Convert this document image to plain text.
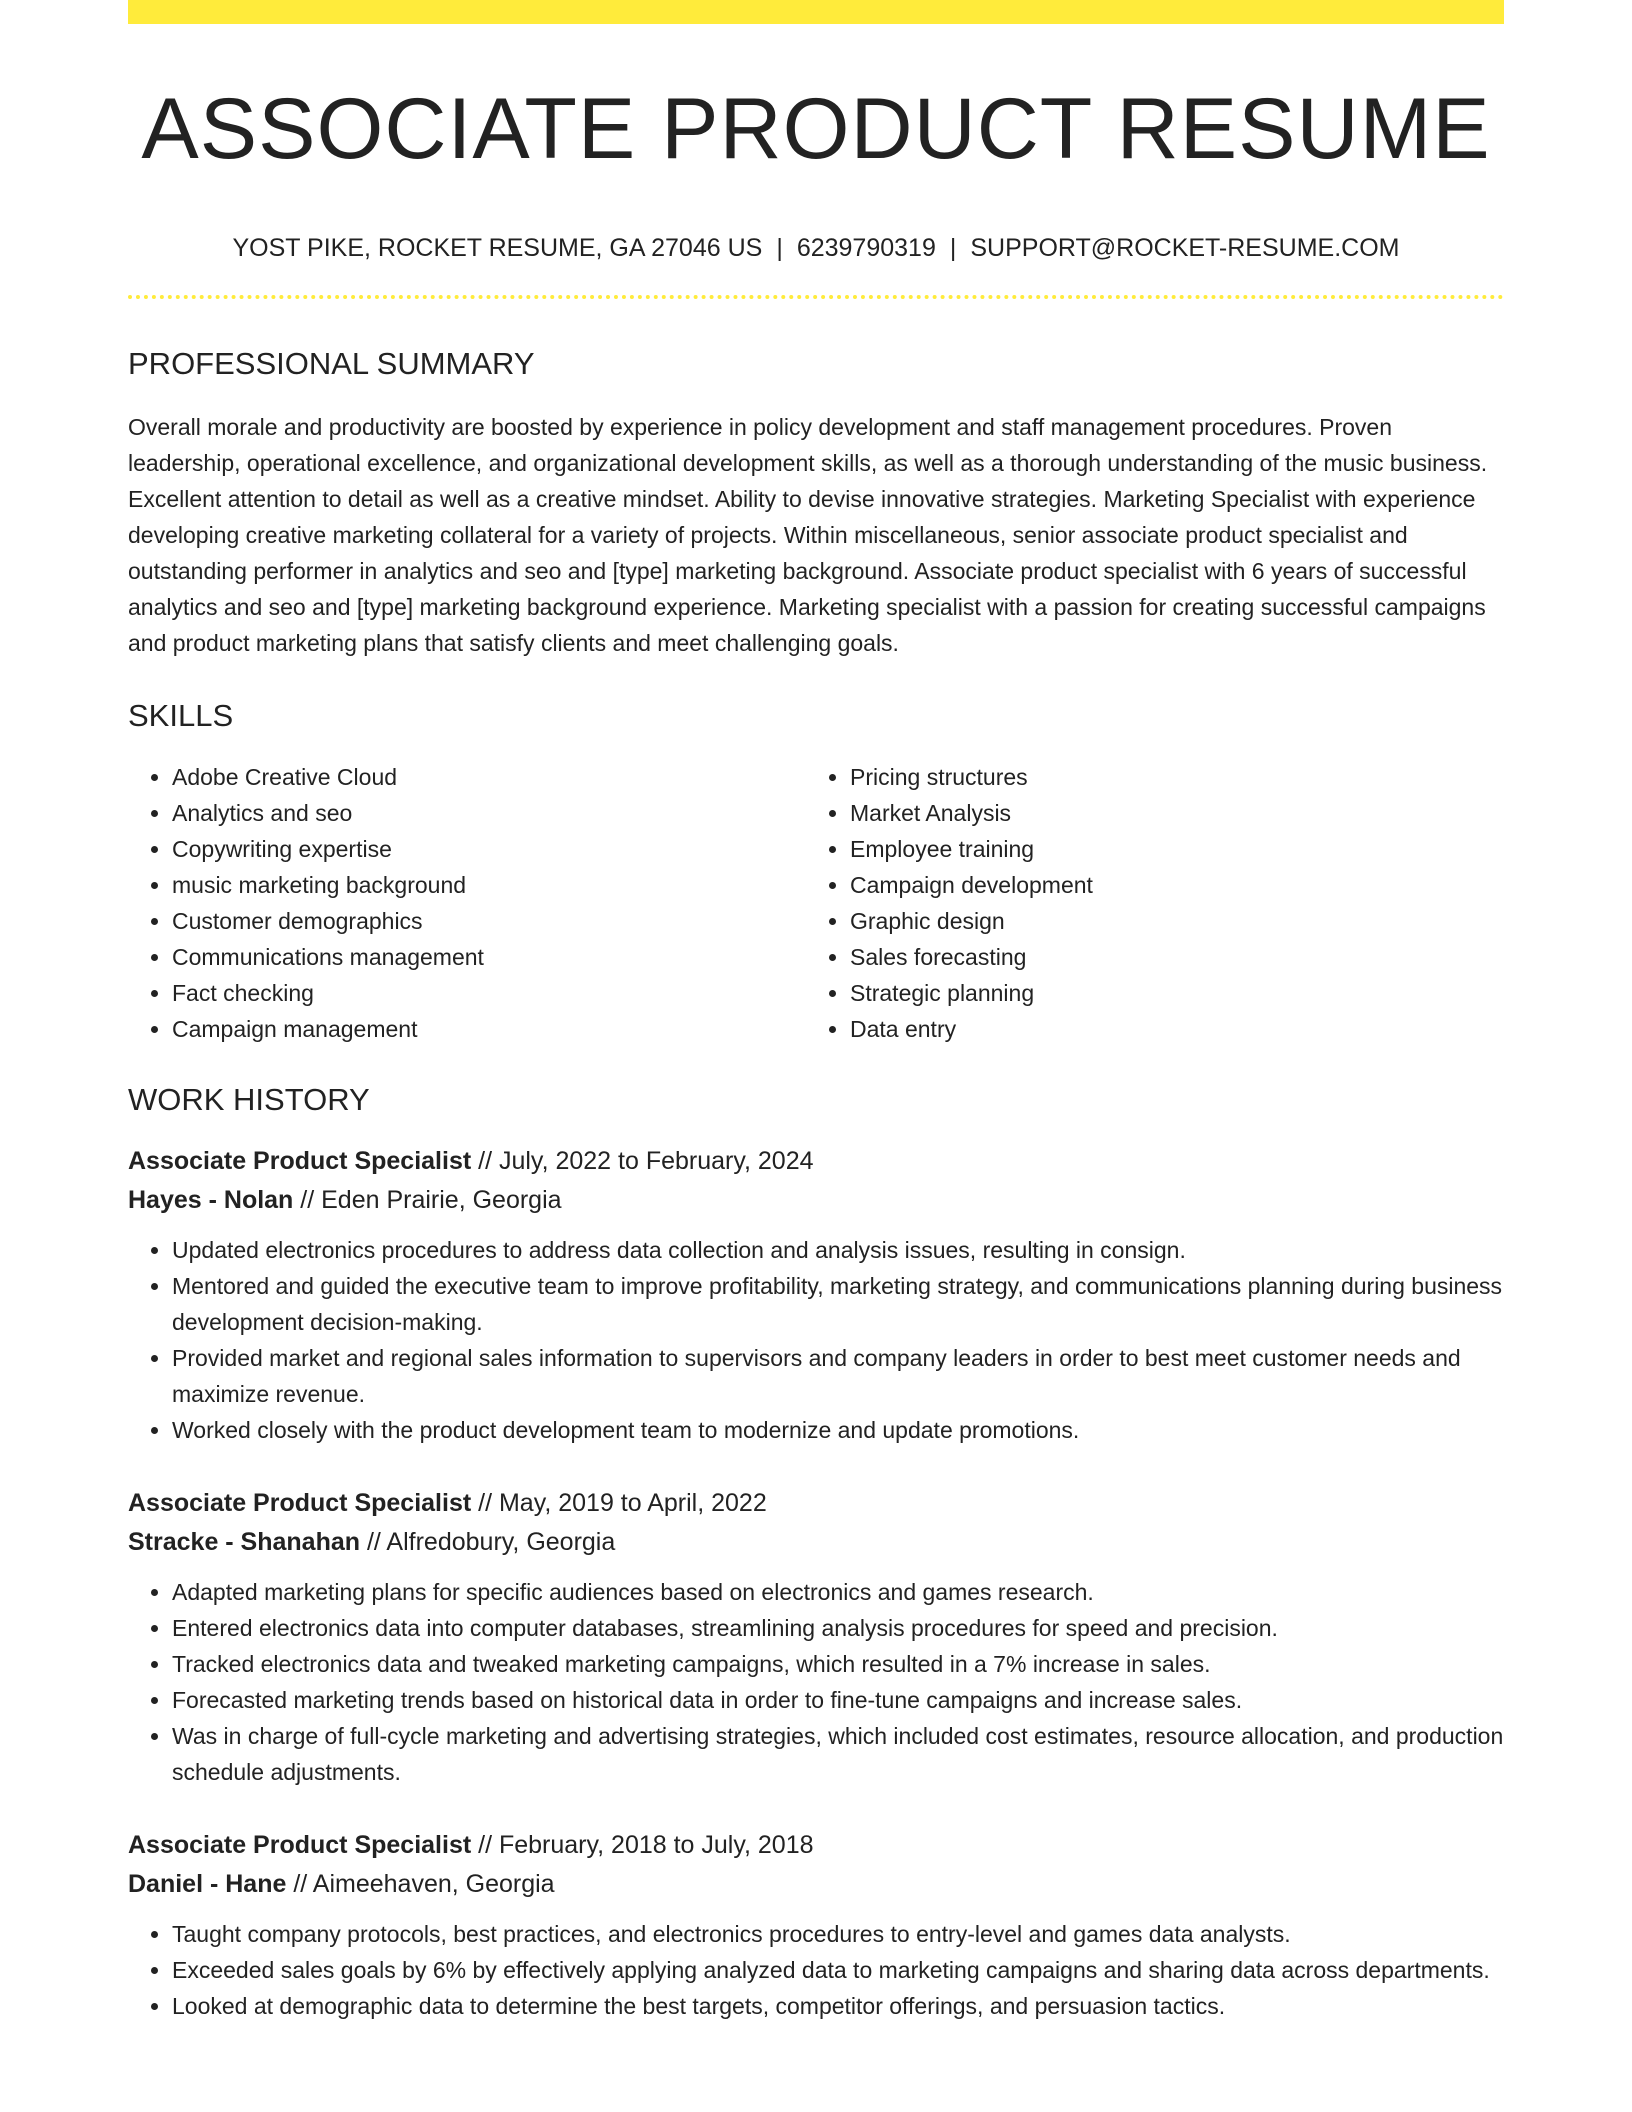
ASSOCIATE PRODUCT RESUME
YOST PIKE, ROCKET RESUME, GA 27046 US | 6239790319 | SUPPORT@ROCKET-RESUME.COM
PROFESSIONAL SUMMARY

Overall morale and productivity are boosted by experience in policy development and staff management procedures. Proven leadership, operational excellence, and organizational development skills, as well as a thorough understanding of the music business. Excellent attention to detail as well as a creative mindset. Ability to devise innovative strategies. Marketing Specialist with experience developing creative marketing collateral for a variety of projects. Within miscellaneous, senior associate product specialist and outstanding performer in analytics and seo and [type] marketing background. Associate product specialist with 6 years of successful analytics and seo and [type] marketing background experience. Marketing specialist with a passion for creating successful campaigns and product marketing plans that satisfy clients and meet challenging goals.

SKILLS
• Adobe Creative Cloud
• Analytics and seo
• Copywriting expertise
• music marketing background
• Customer demographics
• Communications management
• Fact checking
• Campaign management
• Pricing structures
• Market Analysis
• Employee training
• Campaign development
• Graphic design
• Sales forecasting
• Strategic planning
• Data entry
WORK HISTORY
Associate Product Specialist // July, 2022 to February, 2024
Hayes - Nolan // Eden Prairie, Georgia
• Updated electronics procedures to address data collection and analysis issues, resulting in consign.
• Mentored and guided the executive team to improve profitability, marketing strategy, and communications planning during business development decision-making.
• Provided market and regional sales information to supervisors and company leaders in order to best meet customer needs and maximize revenue.
• Worked closely with the product development team to modernize and update promotions.
Associate Product Specialist // May, 2019 to April, 2022
Stracke - Shanahan // Alfredobury, Georgia
• Adapted marketing plans for specific audiences based on electronics and games research.
• Entered electronics data into computer databases, streamlining analysis procedures for speed and precision.
• Tracked electronics data and tweaked marketing campaigns, which resulted in a 7% increase in sales.
• Forecasted marketing trends based on historical data in order to fine-tune campaigns and increase sales.
• Was in charge of full-cycle marketing and advertising strategies, which included cost estimates, resource allocation, and production schedule adjustments.
Associate Product Specialist // February, 2018 to July, 2018
Daniel - Hane // Aimeehaven, Georgia
• Taught company protocols, best practices, and electronics procedures to entry-level and games data analysts.
• Exceeded sales goals by 6% by effectively applying analyzed data to marketing campaigns and sharing data across departments.
• Looked at demographic data to determine the best targets, competitor offerings, and persuasion tactics.
